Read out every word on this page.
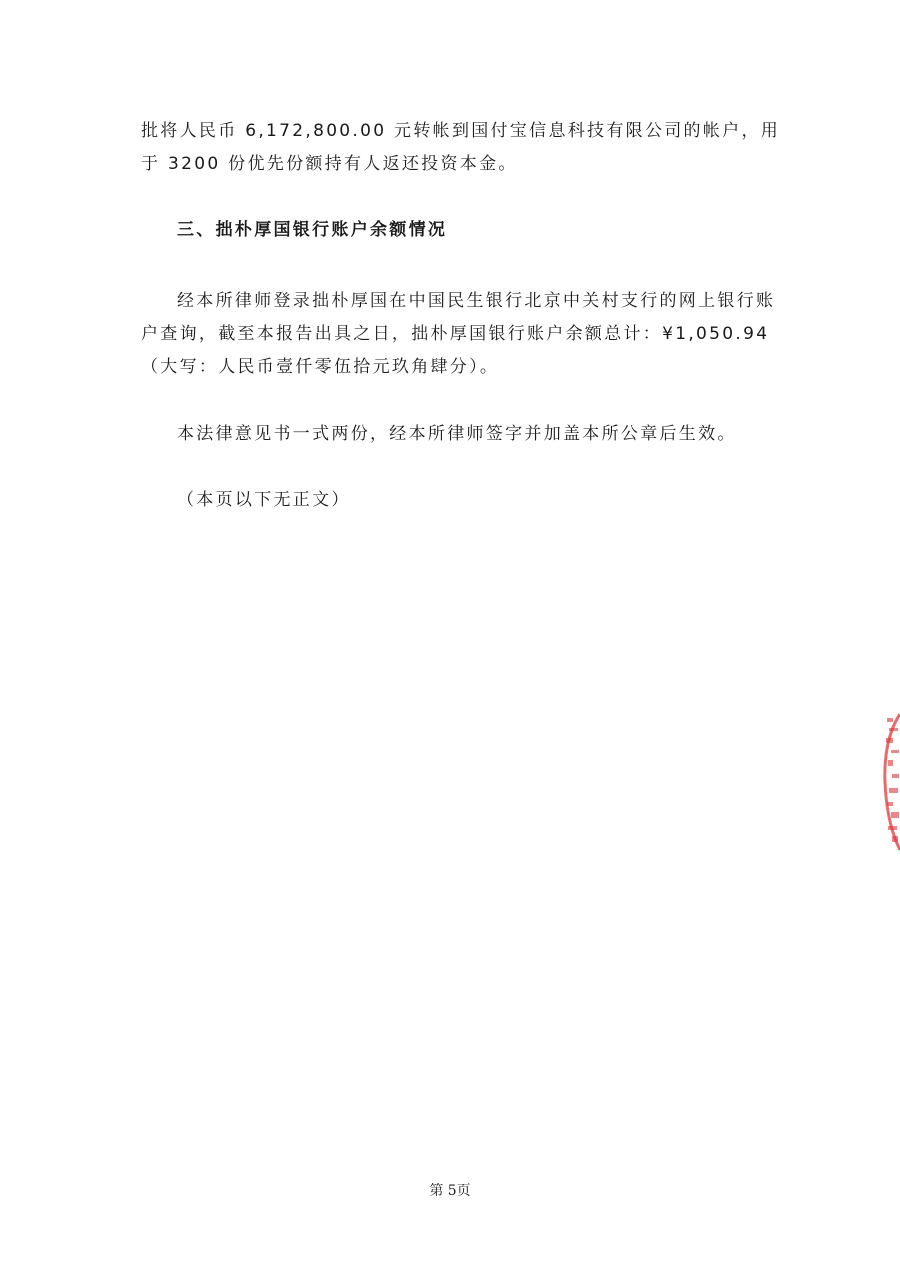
批将人民币 6,172,800.00 元转帐到国付宝信息科技有限公司的帐户，用于 3200 份优先份额持有人返还投资本金。

三、拙朴厚国银行账户余额情况

经本所律师登录拙朴厚国在中国民生银行北京中关村支行的网上银行账户查询，截至本报告出具之日，拙朴厚国银行账户余额总计：¥1,050.94（大写：人民币壹仟零伍拾元玖角肆分）。

本法律意见书一式两份，经本所律师签字并加盖本所公章后生效。

（本页以下无正文）

第 5页
